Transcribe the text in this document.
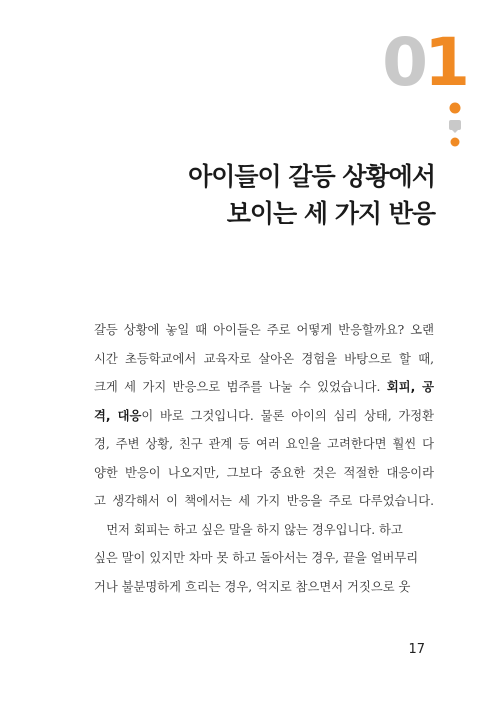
01
아이들이 갈등 상황에서
보이는 세 가지 반응

갈등 상황에 놓일 때 아이들은 주로 어떻게 반응할까요? 오랜
시간 초등학교에서 교육자로 살아온 경험을 바탕으로 할 때,
크게 세 가지 반응으로 범주를 나눌 수 있었습니다. 회피, 공
격, 대응이 바로 그것입니다. 물론 아이의 심리 상태, 가정환
경, 주변 상황, 친구 관계 등 여러 요인을 고려한다면 훨씬 다
양한 반응이 나오지만, 그보다 중요한 것은 적절한 대응이라
고 생각해서 이 책에서는 세 가지 반응을 주로 다루었습니다.

먼저 회피는 하고 싶은 말을 하지 않는 경우입니다. 하고
싶은 말이 있지만 차마 못 하고 돌아서는 경우, 끝을 얼버무리
거나 불분명하게 흐리는 경우, 억지로 참으면서 거짓으로 웃

17
